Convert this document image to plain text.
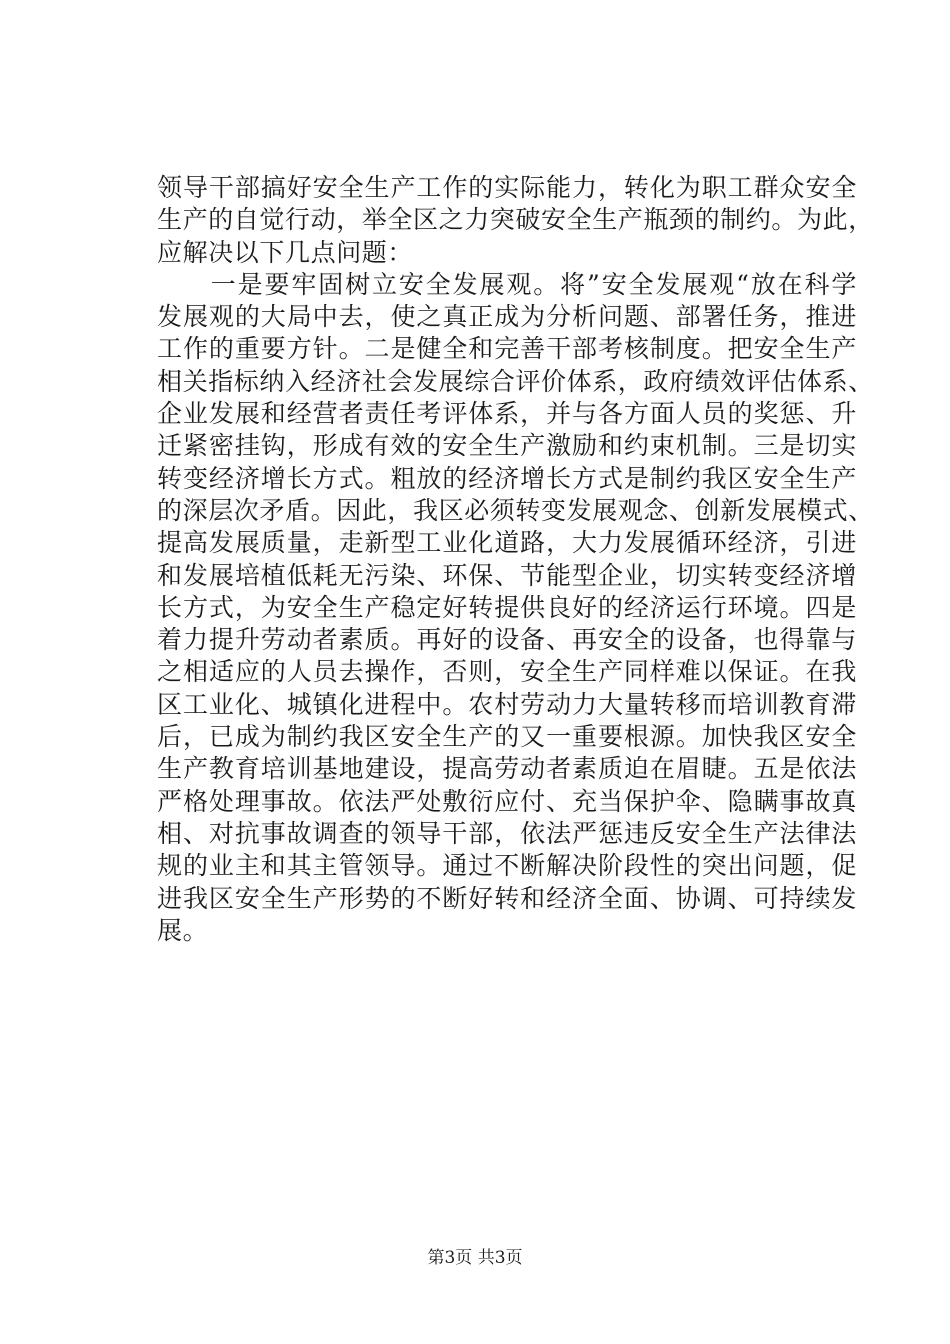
领导干部搞好安全生产工作的实际能力，转化为职工群众安全
生产的自觉行动，举全区之力突破安全生产瓶颈的制约。为此，
应解决以下几点问题：
　　一是要牢固树立安全发展观。将”安全发展观“放在科学
发展观的大局中去，使之真正成为分析问题、部署任务，推进
工作的重要方针。二是健全和完善干部考核制度。把安全生产
相关指标纳入经济社会发展综合评价体系，政府绩效评估体系、
企业发展和经营者责任考评体系，并与各方面人员的奖惩、升
迁紧密挂钩，形成有效的安全生产激励和约束机制。三是切实
转变经济增长方式。粗放的经济增长方式是制约我区安全生产
的深层次矛盾。因此，我区必须转变发展观念、创新发展模式、
提高发展质量，走新型工业化道路，大力发展循环经济，引进
和发展培植低耗无污染、环保、节能型企业，切实转变经济增
长方式，为安全生产稳定好转提供良好的经济运行环境。四是
着力提升劳动者素质。再好的设备、再安全的设备，也得靠与
之相适应的人员去操作，否则，安全生产同样难以保证。在我
区工业化、城镇化进程中。农村劳动力大量转移而培训教育滞
后，已成为制约我区安全生产的又一重要根源。加快我区安全
生产教育培训基地建设，提高劳动者素质迫在眉睫。五是依法
严格处理事故。依法严处敷衍应付、充当保护伞、隐瞒事故真
相、对抗事故调查的领导干部，依法严惩违反安全生产法律法
规的业主和其主管领导。通过不断解决阶段性的突出问题，促
进我区安全生产形势的不断好转和经济全面、协调、可持续发
展。
第3页 共3页
